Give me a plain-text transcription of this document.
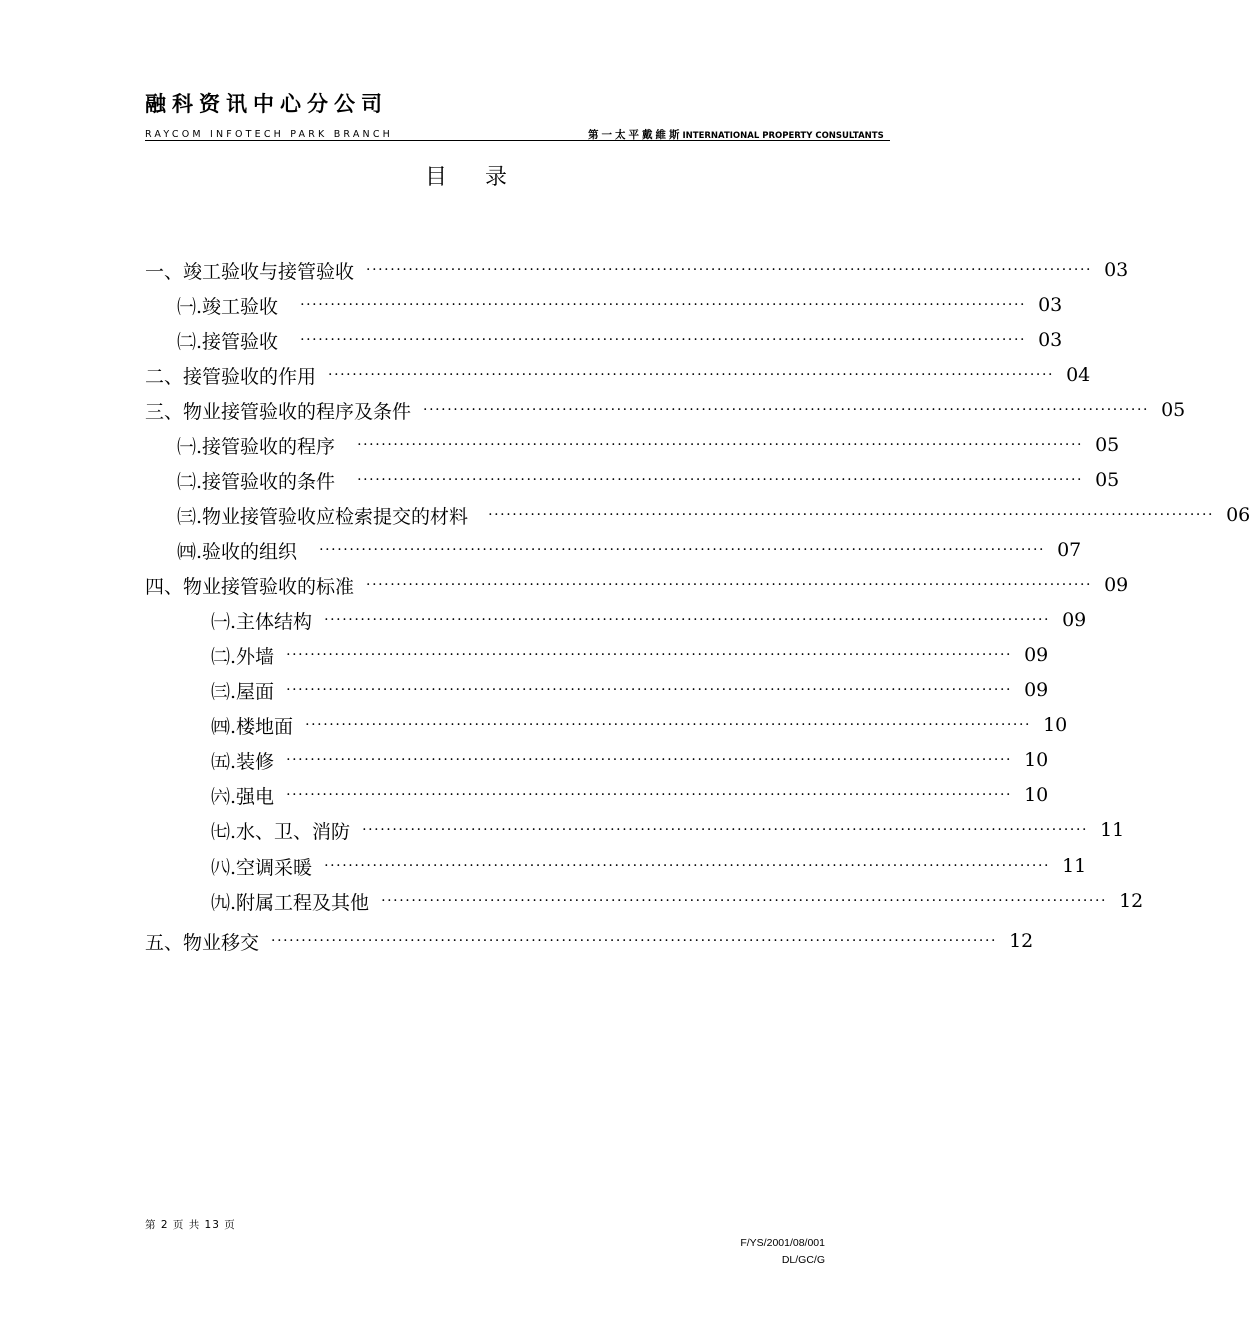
融科资讯中心分公司
RAYCOM INFOTECH PARK BRANCH	第一太平戴維斯INTERNATIONAL PROPERTY CONSULTANTS
目录
一、 竣工验收与接管验收 ························································································································ 03
㈠. 竣工验收 ························································································································ 03
㈡. 接管验收 ························································································································ 03
二、 接管验收的作用 ························································································································ 04
三、 物业接管验收的程序及条件 ························································································································ 05
㈠. 接管验收的程序 ························································································································ 05
㈡. 接管验收的条件 ························································································································ 05
㈢. 物业接管验收应检索提交的材料 ························································································································ 06
㈣. 验收的组织 ························································································································ 07
四、 物业接管验收的标准 ························································································································ 09
㈠. 主体结构 ························································································································ 09
㈡. 外墙 ························································································································ 09
㈢. 屋面 ························································································································ 09
㈣. 楼地面 ························································································································ 10
㈤. 装修 ························································································································ 10
㈥. 强电 ························································································································ 10
㈦. 水、卫、消防 ························································································································ 11
㈧. 空调采暖 ························································································································ 11
㈨. 附属工程及其他 ························································································································ 12
五、 物业移交 ························································································································ 12
第 2 页 共 13 页
F/YS/2001/08/001
DL/GC/G
